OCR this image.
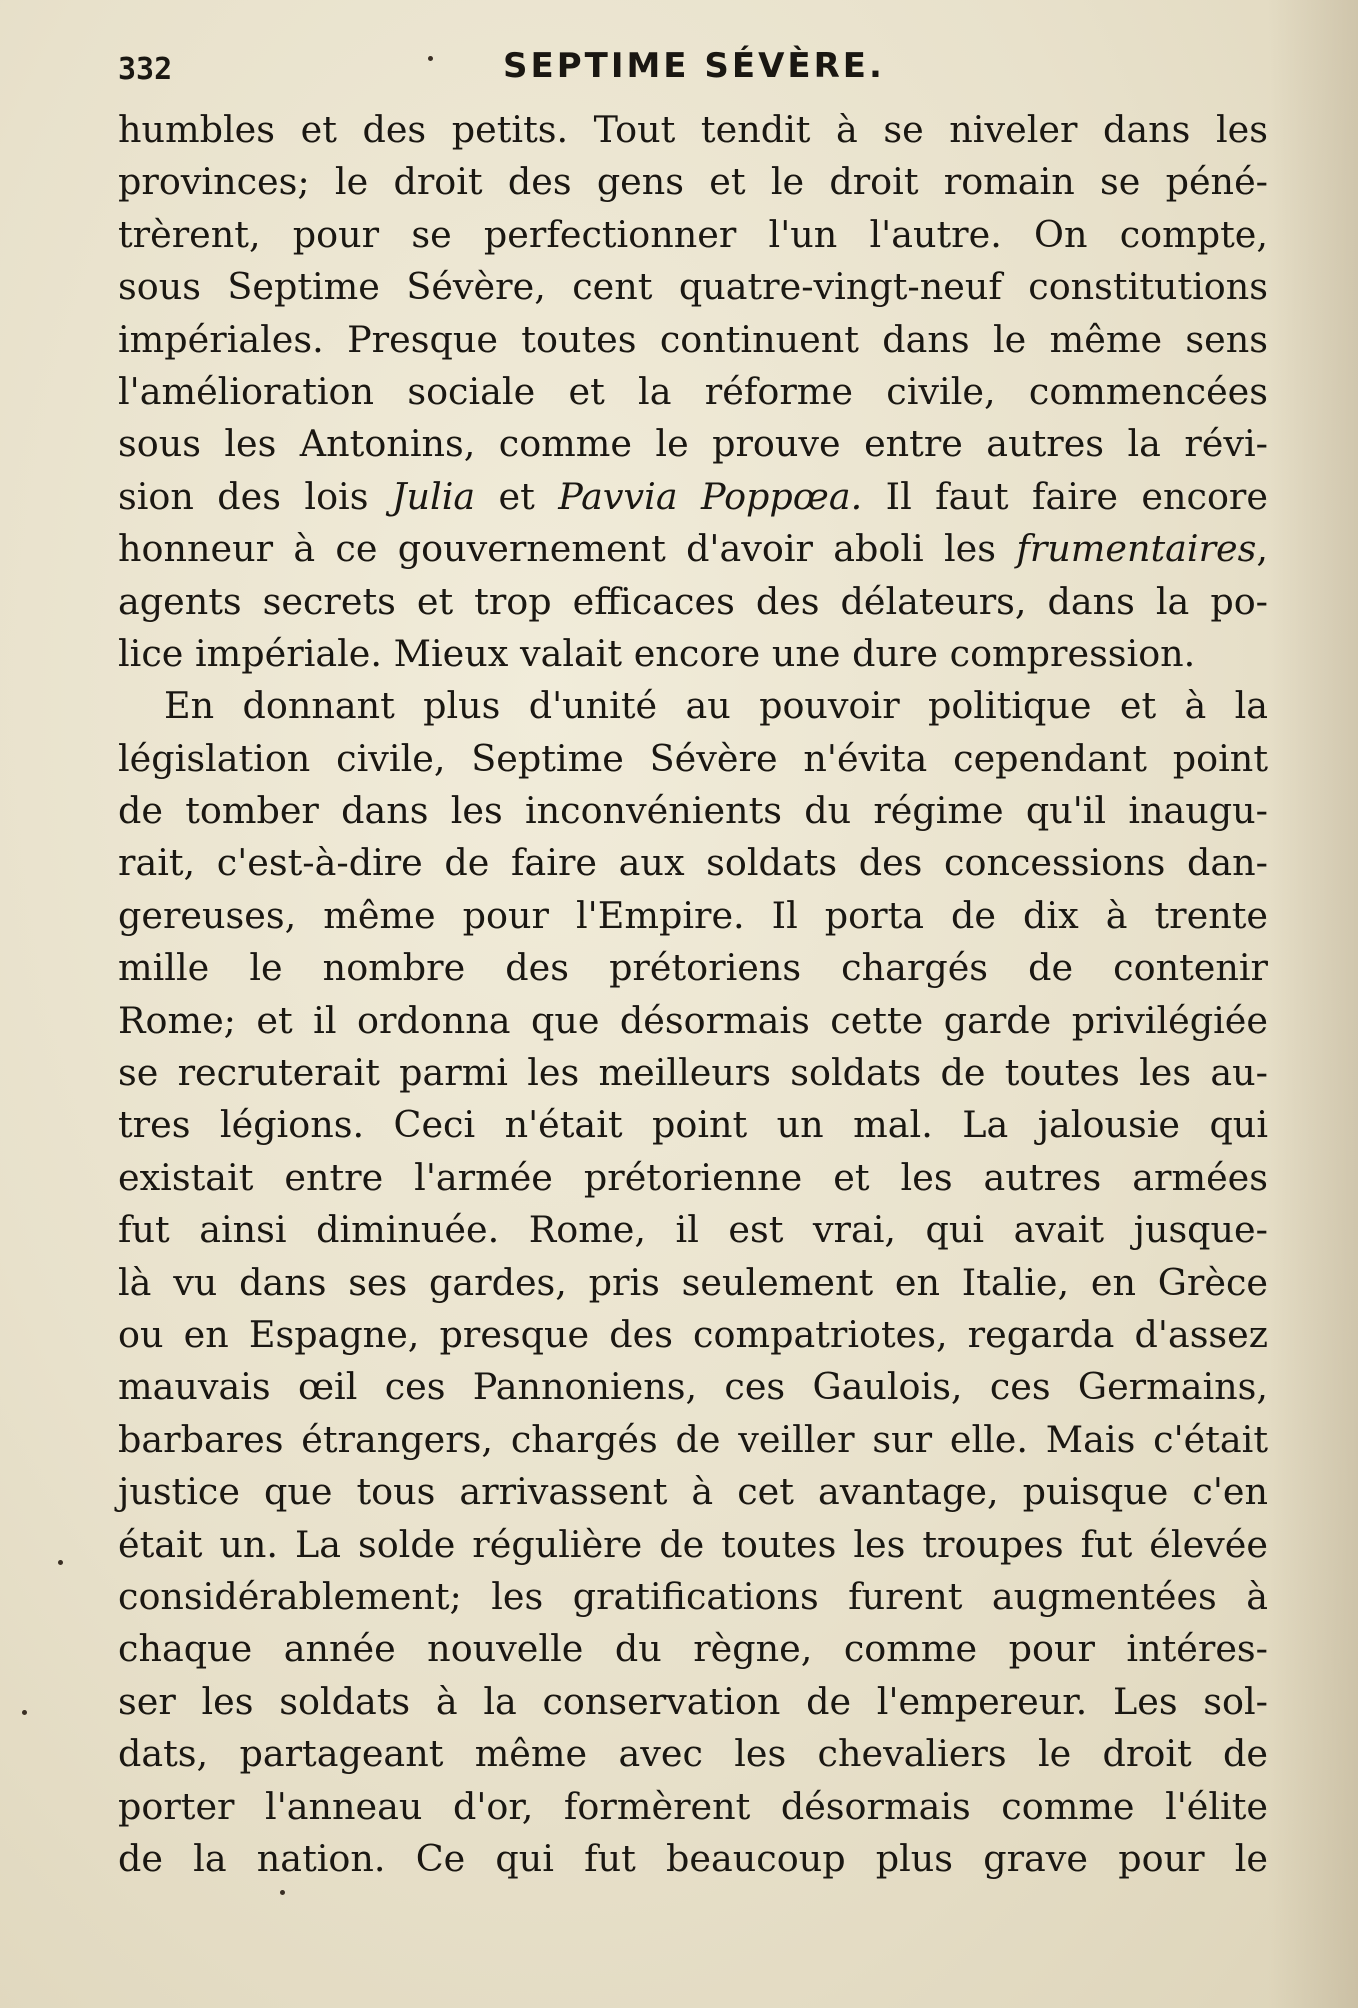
332	SEPTIME SÉVÈRE.
humbles et des petits. Tout tendit à se niveler dans les
provinces; le droit des gens et le droit romain se péné-
trèrent, pour se perfectionner l'un l'autre. On compte,
sous Septime Sévère, cent quatre-vingt-neuf constitutions
impériales. Presque toutes continuent dans le même sens
l'amélioration sociale et la réforme civile, commencées
sous les Antonins, comme le prouve entre autres la révi-
sion des lois Julia et Pavvia Poppœa. Il faut faire encore
honneur à ce gouvernement d'avoir aboli les frumentaires,
agents secrets et trop efficaces des délateurs, dans la po-
lice impériale. Mieux valait encore une dure compression.
En donnant plus d'unité au pouvoir politique et à la
législation civile, Septime Sévère n'évita cependant point
de tomber dans les inconvénients du régime qu'il inaugu-
rait, c'est-à-dire de faire aux soldats des concessions dan-
gereuses, même pour l'Empire. Il porta de dix à trente
mille le nombre des prétoriens chargés de contenir
Rome; et il ordonna que désormais cette garde privilégiée
se recruterait parmi les meilleurs soldats de toutes les au-
tres légions. Ceci n'était point un mal. La jalousie qui
existait entre l'armée prétorienne et les autres armées
fut ainsi diminuée. Rome, il est vrai, qui avait jusque-
là vu dans ses gardes, pris seulement en Italie, en Grèce
ou en Espagne, presque des compatriotes, regarda d'assez
mauvais œil ces Pannoniens, ces Gaulois, ces Germains,
barbares étrangers, chargés de veiller sur elle. Mais c'était
justice que tous arrivassent à cet avantage, puisque c'en
était un. La solde régulière de toutes les troupes fut élevée
considérablement; les gratifications furent augmentées à
chaque année nouvelle du règne, comme pour intéres-
ser les soldats à la conservation de l'empereur. Les sol-
dats, partageant même avec les chevaliers le droit de
porter l'anneau d'or, formèrent désormais comme l'élite
de la nation. Ce qui fut beaucoup plus grave pour le
